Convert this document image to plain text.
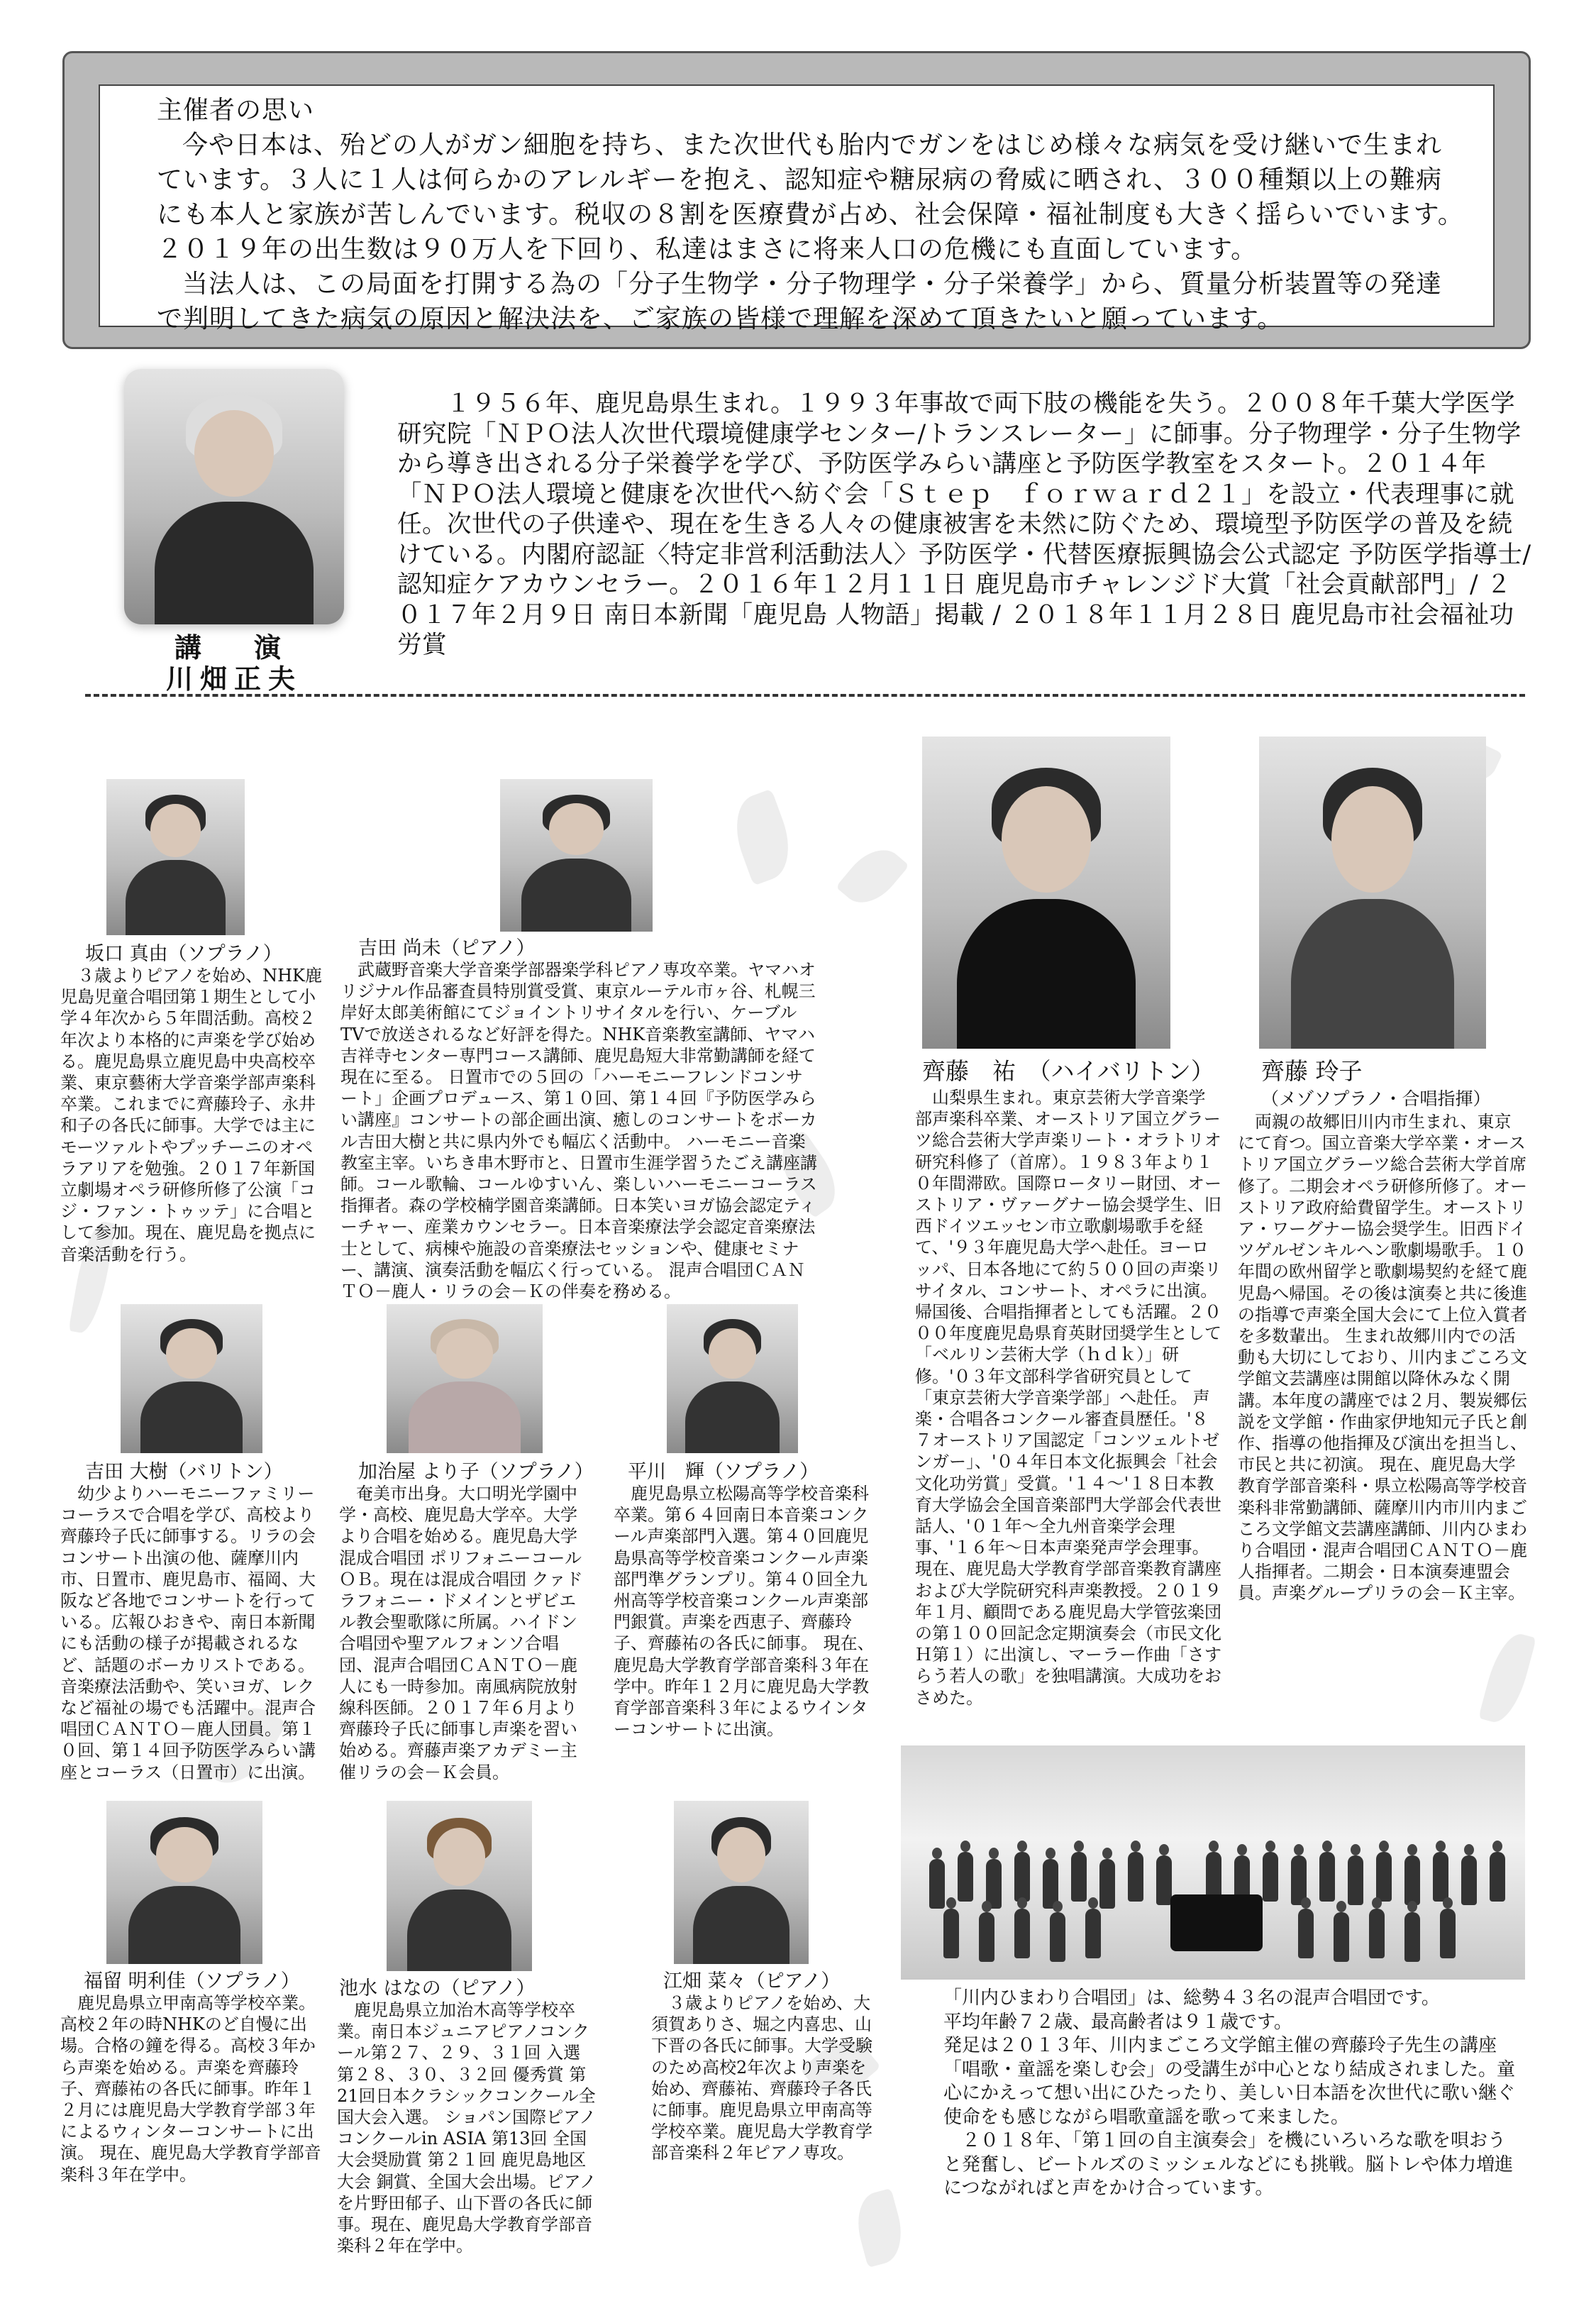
主催者の思い

今や日本は、殆どの人がガン細胞を持ち、また次世代も胎内でガンをはじめ様々な病気を受け継いで生まれています。３人に１人は何らかのアレルギーを抱え、認知症や糖尿病の脅威に晒され、３００種類以上の難病にも本人と家族が苦しんでいます。税収の８割を医療費が占め、社会保障・福祉制度も大きく揺らいでいます。２０１９年の出生数は９０万人を下回り、私達はまさに将来人口の危機にも直面しています。

当法人は、この局面を打開する為の「分子生物学・分子物理学・分子栄養学」から、質量分析装置等の発達で判明してきた病気の原因と解決法を、ご家族の皆様で理解を深めて頂きたいと願っています。

講　演
川畑正夫
１９５６年、鹿児島県生まれ。１９９３年事故で両下肢の機能を失う。２００８年千葉大学医学研究院「ＮＰＯ法人次世代環境健康学センター/トランスレーター」に師事。分子物理学・分子生物学から導き出される分子栄養学を学び、予防医学みらい講座と予防医学教室をスタート。２０１４年「ＮＰＯ法人環境と健康を次世代へ紡ぐ会「Ｓｔｅｐ　ｆｏｒｗａｒｄ２１」を設立・代表理事に就任。次世代の子供達や、現在を生きる人々の健康被害を未然に防ぐため、環境型予防医学の普及を続けている。内閣府認証〈特定非営利活動法人〉予防医学・代替医療振興協会公式認定 予防医学指導士/認知症ケアカウンセラー。２０１６年１２月１１日 鹿児島市チャレンジド大賞「社会貢献部門」/ ２０１７年２月９日 南日本新聞「鹿児島 人物語」掲載 / ２０１８年１１月２８日 鹿児島市社会福祉功労賞
坂口 真由（ソプラノ）
３歳よりピアノを始め、NHK鹿児島児童合唱団第１期生として小学４年次から５年間活動。高校２年次より本格的に声楽を学び始める。鹿児島県立鹿児島中央高校卒業、東京藝術大学音楽学部声楽科卒業。これまでに齊藤玲子、永井和子の各氏に師事。大学では主にモーツァルトやプッチーニのオペラアリアを勉強。２０１７年新国立劇場オペラ研修所修了公演「コジ・ファン・トゥッテ」に合唱として参加。現在、鹿児島を拠点に音楽活動を行う。
吉田 尚未（ピアノ）
武蔵野音楽大学音楽学部器楽学科ピアノ専攻卒業。ヤマハオリジナル作品審査員特別賞受賞、東京ルーテル市ヶ谷、札幌三岸好太郎美術館にてジョイントリサイタルを行い、ケーブルTVで放送されるなど好評を得た。NHK音楽教室講師、ヤマハ吉祥寺センター専門コース講師、鹿児島短大非常勤講師を経て現在に至る。 日置市での５回の「ハーモニーフレンドコンサート」企画プロデュース、第１０回、第１４回『予防医学みらい講座』コンサートの部企画出演、癒しのコンサートをボーカル吉田大樹と共に県内外でも幅広く活動中。 ハーモニー音楽教室主宰。いちき串木野市と、日置市生涯学習うたごえ講座講師。コール歌輪、コールゆすいん、楽しいハーモニーコーラス指揮者。森の学校楠学園音楽講師。日本笑いヨガ協会認定ティーチャー、産業カウンセラー。日本音楽療法学会認定音楽療法士として、病棟や施設の音楽療法セッションや、健康セミナー、講演、演奏活動を幅広く行っている。 混声合唱団ＣＡＮＴＯ－鹿人・リラの会－Ｋの伴奏を務める。
齊藤　祐　（ハイバリトン）
山梨県生まれ。東京芸術大学音楽学部声楽科卒業、オーストリア国立グラーツ総合芸術大学声楽リート・オラトリオ研究科修了（首席）。１９８３年より１０年間滞欧。国際ロータリー財団、オーストリア・ヴァーグナー協会奨学生、旧西ドイツエッセン市立歌劇場歌手を経て、'９３年鹿児島大学へ赴任。ヨーロッパ、日本各地にて約５００回の声楽リサイタル、コンサート、オペラに出演。帰国後、合唱指揮者としても活躍。２０００年度鹿児島県育英財団奨学生として「ベルリン芸術大学（ｈｄｋ）」研修。'０３年文部科学省研究員として「東京芸術大学音楽学部」へ赴任。 声楽・合唱各コンクール審査員歴任。'８７オーストリア国認定「コンツェルトゼンガー」、'０４年日本文化振興会「社会文化功労賞」受賞。'１４～'１８日本教育大学協会全国音楽部門大学部会代表世話人、'０１年～全九州音楽学会理事、'１６年～日本声楽発声学会理事。 現在、鹿児島大学教育学部音楽教育講座および大学院研究科声楽教授。２０１９年１月、顧問である鹿児島大学管弦楽団の第１００回記念定期演奏会（市民文化Ｈ第１）に出演し、マーラー作曲「さすらう若人の歌」を独唱講演。大成功をおさめた。
齊藤 玲子
（メゾソプラノ・合唱指揮）
両親の故郷旧川内市生まれ、東京にて育つ。国立音楽大学卒業・オーストリア国立グラーツ総合芸術大学首席修了。二期会オペラ研修所修了。オーストリア政府給費留学生。オーストリア・ワーグナー協会奨学生。旧西ドイツゲルゼンキルヘン歌劇場歌手。１０年間の欧州留学と歌劇場契約を経て鹿児島へ帰国。その後は演奏と共に後進の指導で声楽全国大会にて上位入賞者を多数輩出。 生まれ故郷川内での活動も大切にしており、川内まごころ文学館文芸講座は開館以降休みなく開講。本年度の講座では２月、製炭郷伝説を文学館・作曲家伊地知元子氏と創作、指導の他指揮及び演出を担当し、市民と共に初演。 現在、鹿児島大学教育学部音楽科・県立松陽高等学校音楽科非常勤講師、薩摩川内市川内まごころ文学館文芸講座講師、川内ひまわり合唱団・混声合唱団ＣＡＮＴＯ－鹿人指揮者。二期会・日本演奏連盟会員。声楽グループリラの会－Ｋ主宰。
吉田 大樹（バリトン）
幼少よりハーモニーファミリーコーラスで合唱を学び、高校より齊藤玲子氏に師事する。リラの会コンサート出演の他、薩摩川内市、日置市、鹿児島市、福岡、大阪など各地でコンサートを行っている。広報ひおきや、南日本新聞にも活動の様子が掲載されるなど、話題のボーカリストである。音楽療法活動や、笑いヨガ、レクなど福祉の場でも活躍中。混声合唱団ＣＡＮＴＯ－鹿人団員。第１０回、第１４回予防医学みらい講座とコーラス（日置市）に出演。
加治屋 より子（ソプラノ）
奄美市出身。大口明光学園中学・高校、鹿児島大学卒。大学より合唱を始める。鹿児島大学混成合唱団 ポリフォニーコール ＯＢ。現在は混成合唱団 クァドラフォニー・ドメインとザビエル教会聖歌隊に所属。ハイドン合唱団や聖アルフォンソ合唱団、混声合唱団ＣＡＮＴＯ－鹿人にも一時参加。南風病院放射線科医師。２０１７年６月より齊藤玲子氏に師事し声楽を習い始める。齊藤声楽アカデミー主催リラの会－Ｋ会員。
平川　輝（ソプラノ）
鹿児島県立松陽高等学校音楽科卒業。第６４回南日本音楽コンクール声楽部門入選。第４０回鹿児島県高等学校音楽コンクール声楽部門準グランプリ。第４０回全九州高等学校音楽コンクール声楽部門銀賞。声楽を西恵子、齊藤玲子、齊藤祐の各氏に師事。 現在、鹿児島大学教育学部音楽科３年在学中。昨年１２月に鹿児島大学教育学部音楽科３年によるウインターコンサートに出演。
福留 明利佳（ソプラノ）
鹿児島県立甲南高等学校卒業。高校２年の時NHKのど自慢に出場。合格の鐘を得る。高校３年から声楽を始める。声楽を齊藤玲子、齊藤祐の各氏に師事。昨年１２月には鹿児島大学教育学部３年によるウィンターコンサートに出演。 現在、鹿児島大学教育学部音楽科３年在学中。
池水 はなの（ピアノ）
鹿児島県立加治木高等学校卒業。南日本ジュニアピアノコンクール第２７、２９、３１回 入選 第２８、３０、３２回 優秀賞 第21回日本クラシックコンクール全国大会入選。 ショパン国際ピアノコンクールin ASIA 第13回 全国大会奨励賞 第２１回 鹿児島地区大会 銅賞、全国大会出場。ピアノを片野田郁子、山下晋の各氏に師事。現在、鹿児島大学教育学部音楽科２年在学中。
江畑 菜々（ピアノ）
３歳よりピアノを始め、大須賀ありさ、堀之内喜忠、山下晋の各氏に師事。大学受験のため高校2年次より声楽を始め、齊藤祐、齊藤玲子各氏に師事。鹿児島県立甲南高等学校卒業。鹿児島大学教育学部音楽科２年ピアノ専攻。

「川内ひまわり合唱団」は、総勢４３名の混声合唱団です。

平均年齢７２歳、最高齢者は９１歳です。

発足は２０１３年、川内まごころ文学館主催の齊藤玲子先生の講座「唱歌・童謡を楽しむ会」の受講生が中心となり結成されました。童心にかえって想い出にひたったり、美しい日本語を次世代に歌い継ぐ使命をも感じながら唱歌童謡を歌って来ました。

２０１８年、「第１回の自主演奏会」を機にいろいろな歌を唄おうと発奮し、ビートルズのミッシェルなどにも挑戦。脳トレや体力増進につながればと声をかけ合っています。
